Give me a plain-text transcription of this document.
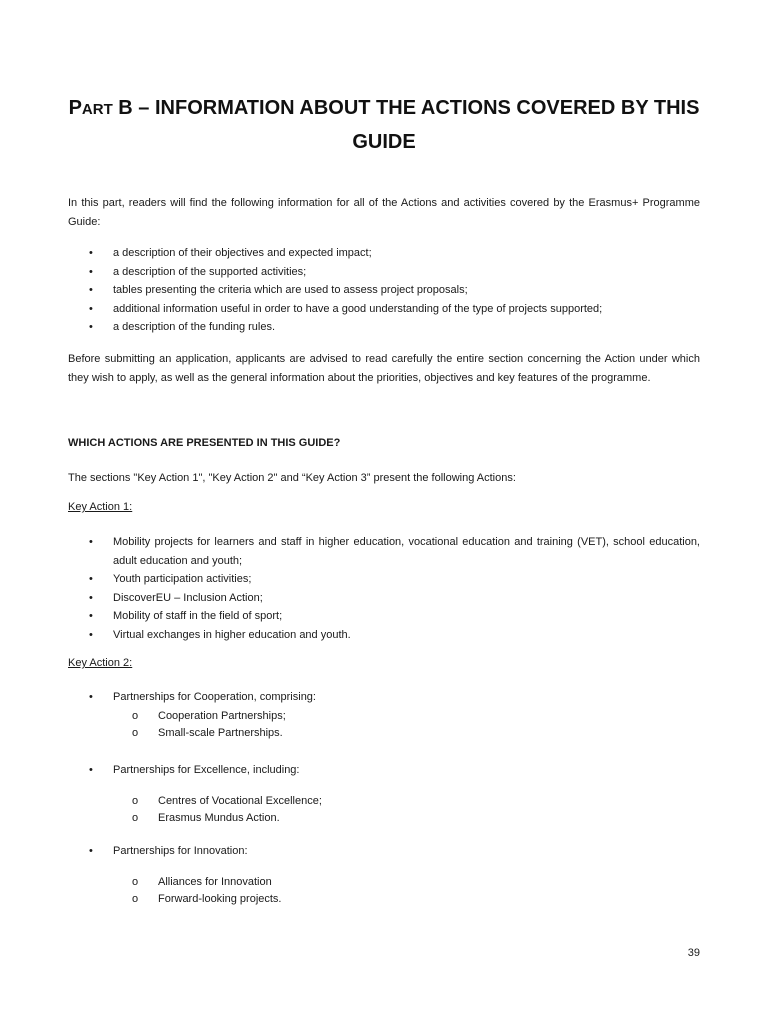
PART B – INFORMATION ABOUT THE ACTIONS COVERED BY THIS
GUIDE

In this part, readers will find the following information for all of the Actions and activities covered by the Erasmus+ Programme Guide:

• a description of their objectives and expected impact;
• a description of the supported activities;
• tables presenting the criteria which are used to assess project proposals;
• additional information useful in order to have a good understanding of the type of projects supported;
• a description of the funding rules.

Before submitting an application, applicants are advised to read carefully the entire section concerning the Action under which they wish to apply, as well as the general information about the priorities, objectives and key features of the programme.

WHICH ACTIONS ARE PRESENTED IN THIS GUIDE?

The sections "Key Action 1", "Key Action 2" and “Key Action 3” present the following Actions:

Key Action 1:

• Mobility projects for learners and staff in higher education, vocational education and training (VET), school education, adult education and youth;
• Youth participation activities;
• DiscoverEU – Inclusion Action;
• Mobility of staff in the field of sport;
• Virtual exchanges in higher education and youth.

Key Action 2:

• Partnerships for Cooperation, comprising:
o Cooperation Partnerships;
o Small-scale Partnerships.
• Partnerships for Excellence, including:
o Centres of Vocational Excellence;
o Erasmus Mundus Action.
• Partnerships for Innovation:
o Alliances for Innovation
o Forward-looking projects.
39
